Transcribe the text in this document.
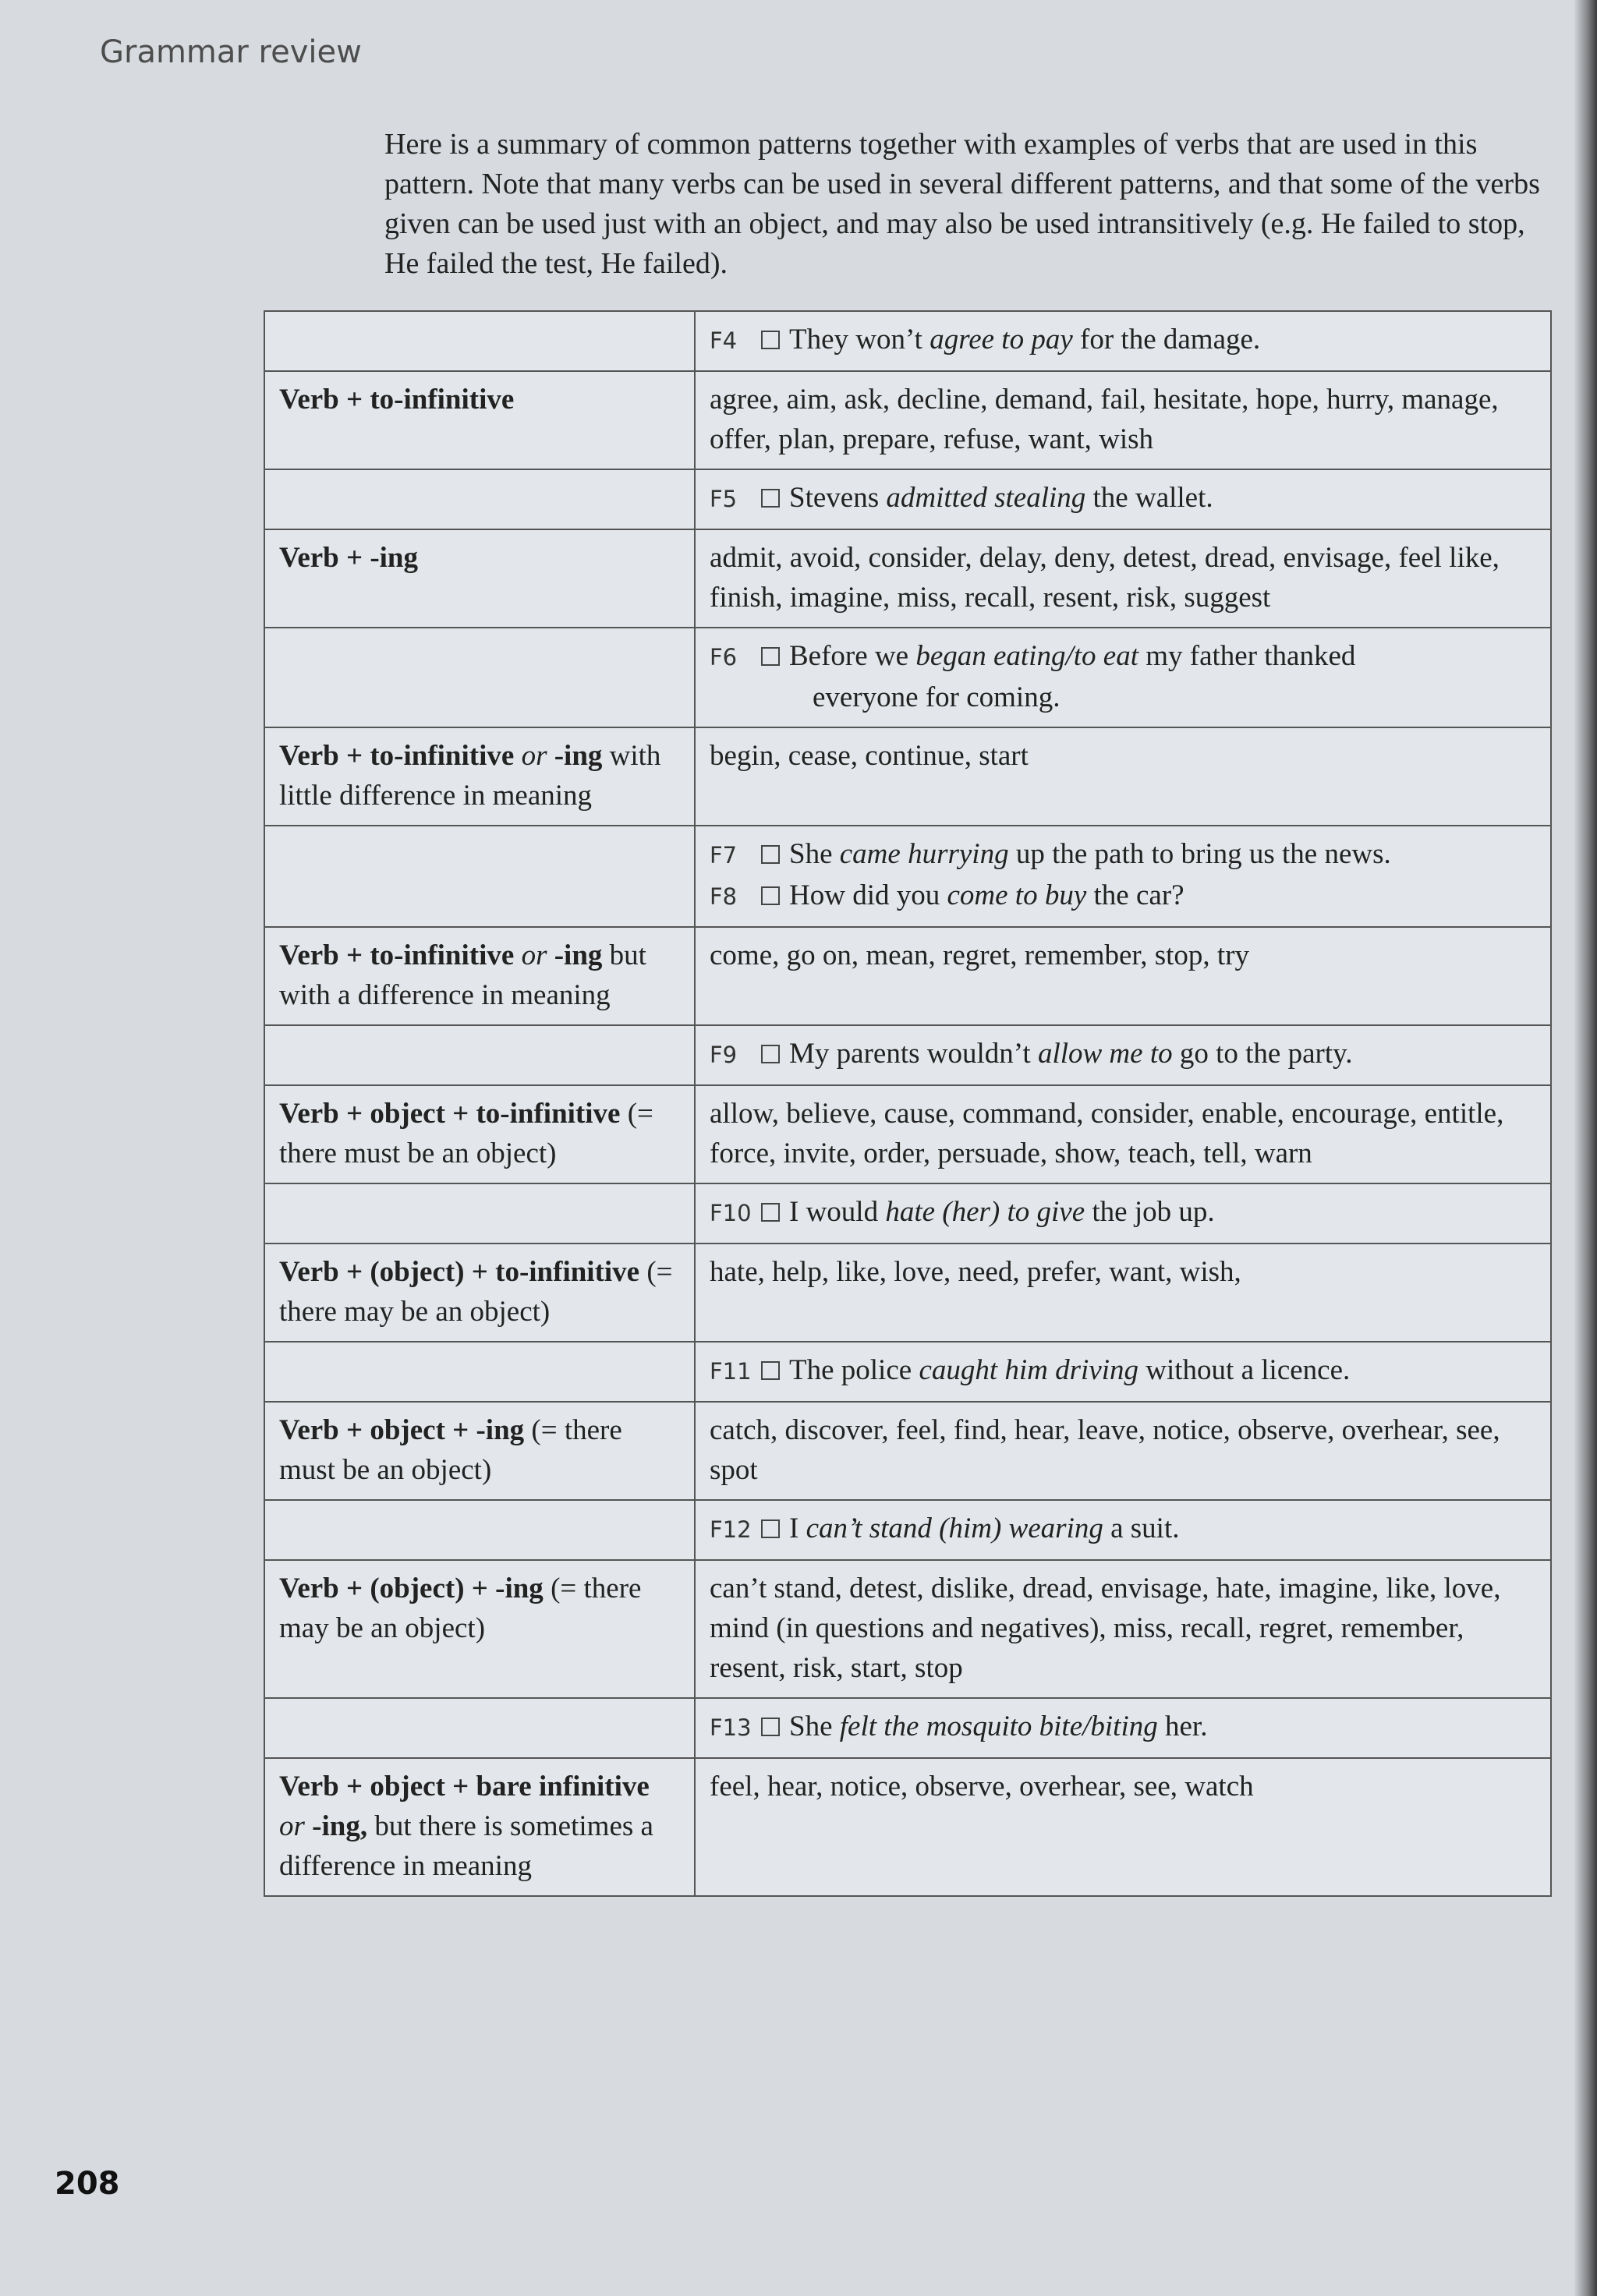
Grammar review
Here is a summary of common patterns together with examples of verbs that are used in this pattern. Note that many verbs can be used in several different patterns, and that some of the verbs given can be used just with an object, and may also be used intransitively (e.g. He failed to stop, He failed the test, He failed).

	F4 They won’t agree to pay for the damage.

Verb + to-infinitive	agree, aim, ask, decline, demand, fail, hesitate, hope, hurry, manage, offer, plan, prepare, refuse, want, wish

	F5 Stevens admitted stealing the wallet.

Verb + -ing	admit, avoid, consider, delay, deny, detest, dread, envisage, feel like, finish, imagine, miss, recall, resent, risk, suggest

	F6 Before we began eating/to eat my father thanked
everyone for coming.

Verb + to-infinitive or -ing with little difference in meaning	begin, cease, continue, start

	F7 She came hurrying up the path to bring us the news.
F8 How did you come to buy the car?

Verb + to-infinitive or -ing but with a difference in meaning	come, go on, mean, regret, remember, stop, try

	F9 My parents wouldn’t allow me to go to the party.

Verb + object + to-infinitive (= there must be an object)	allow, believe, cause, command, consider, enable, encourage, entitle, force, invite, order, persuade, show, teach, tell, warn

	F10 I would hate (her) to give the job up.

Verb + (object) + to-infinitive (= there may be an object)	hate, help, like, love, need, prefer, want, wish,

	F11 The police caught him driving without a licence.

Verb + object + -ing (= there must be an object)	catch, discover, feel, find, hear, leave, notice, observe, overhear, see, spot

	F12 I can’t stand (him) wearing a suit.

Verb + (object) + -ing (= there may be an object)	can’t stand, detest, dislike, dread, envisage, hate, imagine, like, love, mind (in questions and negatives), miss, recall, regret, remember, resent, risk, start, stop

	F13 She felt the mosquito bite/biting her.

Verb + object + bare infinitive or -ing, but there is sometimes a difference in meaning	feel, hear, notice, observe, overhear, see, watch
208
